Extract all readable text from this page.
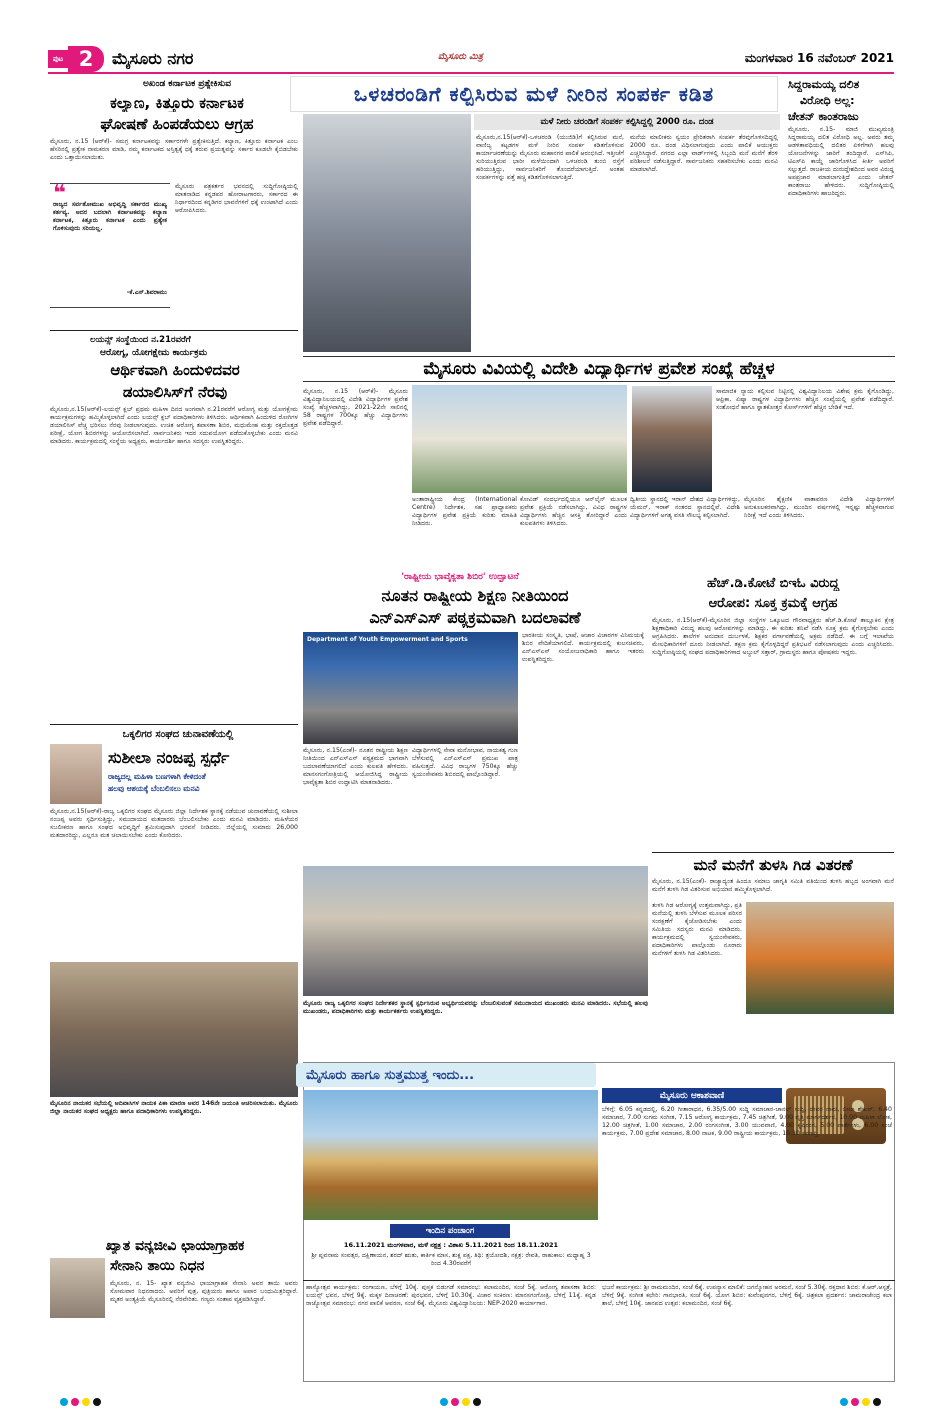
ಪುಟ 2	ಮೈಸೂರು ನಗರ	ಮೈಸೂರು ಮಿತ್ರ	ಮಂಗಳವಾರ 16 ನವೆಂಬರ್ 2021
ಅಖಂಡ ಕರ್ನಾಟಕ ಪ್ರತ್ಯೇಕಿಸುವ
ಕಲ್ಯಾಣ, ಕಿತ್ತೂರು ಕರ್ನಾಟಕ
ಘೋಷಣೆ ಹಿಂಪಡೆಯಲು ಆಗ್ರಹ
ಮೈಸೂರು, ನ.15 (ಆರ್‌ಕೆ)- ಸಮಗ್ರ ಕರ್ನಾಟಕವನ್ನು ಸರ್ಕಾರಗಳೇ ಪ್ರತ್ಯೇಕಿಸುತ್ತಿದೆ. ಕಲ್ಯಾಣ, ಕಿತ್ತೂರು ಕರ್ನಾಟಕ ಎಂಬ ಹೆಸರಿನಲ್ಲಿ ಪ್ರತ್ಯೇಕ ನಾಮಕರಣ ಮಾಡಿ, ನಮ್ಮ ಕರ್ನಾಟಕದ ಅಸ್ತಿತ್ವಕ್ಕೆ ಧಕ್ಕೆ ತರುವ ಪ್ರಯತ್ನವನ್ನು ಸರ್ಕಾರ ಕೂಡಲೇ ಕೈಬಿಡಬೇಕು ಎಂದು ಒತ್ತಾಯಿಸಲಾಯಿತು.
❝
ರಾಜ್ಯದ ಸರ್ವತೋಮುಖ ಅಭಿವೃದ್ಧಿ ಸರ್ಕಾರದ ಮುಖ್ಯ ಕರ್ತವ್ಯ. ಅದರ ಬದಲಾಗಿ ಕರ್ನಾಟಕವನ್ನು ಕಲ್ಯಾಣ ಕರ್ನಾಟಕ, ಕಿತ್ತೂರು ಕರ್ನಾಟಕ ಎಂದು ಪ್ರತ್ಯೇಕ ಗೊಳಿಸುವುದು ಸರಿಯಲ್ಲ.
-ಕೆ.ಎಸ್.ಶಿವರಾಮು
ಮೈಸೂರು ಪತ್ರಕರ್ತರ ಭವನದಲ್ಲಿ ಸುದ್ದಿಗೋಷ್ಠಿಯಲ್ಲಿ ಮಾತನಾಡಿದ ಕನ್ನಡಪರ ಹೋರಾಟಗಾರರು, ಸರ್ಕಾರದ ಈ ನಿರ್ಧಾರದಿಂದ ಕನ್ನಡಿಗರ ಭಾವನೆಗಳಿಗೆ ಧಕ್ಕೆ ಉಂಟಾಗಿದೆ ಎಂದು ಆರೋಪಿಸಿದರು.
ಲಯನ್ಸ್ ಸಂಸ್ಥೆಯಿಂದ ನ.21ರವರೆಗೆ
ಆರೋಗ್ಯ, ಯೋಗಕ್ಷೇಮ ಕಾರ್ಯಕ್ರಮ
ಆರ್ಥಿಕವಾಗಿ ಹಿಂದುಳಿದವರ
ಡಯಾಲಿಸಿಸ್‌ಗೆ ನೆರವು
ಮೈಸೂರು,ನ.15(ಆರ್‌ಕೆ)-ಲಯನ್ಸ್ ಕ್ಲಬ್ ಪ್ರಥಮ ಮಹಿಳಾ ದಿನದ ಅಂಗವಾಗಿ ನ.21ರವರೆಗೆ ಆರೋಗ್ಯ ಮತ್ತು ಯೋಗಕ್ಷೇಮ ಕಾರ್ಯಕ್ರಮಗಳನ್ನು ಹಮ್ಮಿಕೊಳ್ಳಲಾಗಿದೆ ಎಂದು ಲಯನ್ಸ್ ಕ್ಲಬ್ ಪದಾಧಿಕಾರಿಗಳು ತಿಳಿಸಿದರು. ಆರ್ಥಿಕವಾಗಿ ಹಿಂದುಳಿದ ರೋಗಿಗಳ ಡಯಾಲಿಸಿಸ್ ವೆಚ್ಚ ಭರಿಸಲು ನೆರವು ನೀಡಲಾಗುವುದು. ಉಚಿತ ಆರೋಗ್ಯ ತಪಾಸಣಾ ಶಿಬಿರ, ಮಧುಮೇಹ ಮತ್ತು ರಕ್ತದೊತ್ತಡ ಪರೀಕ್ಷೆ, ಯೋಗ ಶಿಬಿರಗಳನ್ನು ಆಯೋಜಿಸಲಾಗಿದೆ. ಸಾರ್ವಜನಿಕರು ಇದರ ಸದುಪಯೋಗ ಪಡೆದುಕೊಳ್ಳಬೇಕು ಎಂದು ಮನವಿ ಮಾಡಿದರು. ಕಾರ್ಯಕ್ರಮದಲ್ಲಿ ಸಂಸ್ಥೆಯ ಅಧ್ಯಕ್ಷರು, ಕಾರ್ಯದರ್ಶಿ ಹಾಗೂ ಸದಸ್ಯರು ಉಪಸ್ಥಿತರಿದ್ದರು.
ಒಕ್ಕಲಿಗರ ಸಂಘದ ಚುನಾವಣೆಯಲ್ಲಿ
ಸುಶೀಲಾ ನಂಜಪ್ಪ ಸ್ಪರ್ಧೆ
ರಾಜ್ಯದಲ್ಲ ಮಹಿಳಾ ಬಣಗಳಾಗಿ ಕೇಳಿದಂತೆ
ಹಲವು ಆಶಯಕ್ಕೆ ಬೆಂಬಲಿಸಲು ಮನವಿ
ಮೈಸೂರು,ನ.15(ಆರ್‌ಕೆ)-ರಾಜ್ಯ ಒಕ್ಕಲಿಗರ ಸಂಘದ ಮೈಸೂರು ಜಿಲ್ಲಾ ನಿರ್ದೇಶಕ ಸ್ಥಾನಕ್ಕೆ ನಡೆಯುವ ಚುನಾವಣೆಯಲ್ಲಿ ಸುಶೀಲಾ ನಂಜಪ್ಪ ಅವರು ಸ್ಪರ್ಧಿಸುತ್ತಿದ್ದು, ಸಮುದಾಯದ ಮತದಾರರು ಬೆಂಬಲಿಸಬೇಕು ಎಂದು ಮನವಿ ಮಾಡಿದರು. ಮಹಿಳೆಯರ ಸಬಲೀಕರಣ ಹಾಗೂ ಸಂಘದ ಅಭಿವೃದ್ಧಿಗೆ ಶ್ರಮಿಸುವುದಾಗಿ ಭರವಸೆ ನೀಡಿದರು. ಜಿಲ್ಲೆಯಲ್ಲಿ ಸುಮಾರು 26,000 ಮತದಾರರಿದ್ದು, ಎಲ್ಲರೂ ಮತ ಚಲಾಯಿಸಬೇಕು ಎಂದು ಕೋರಿದರು.
ಮೈಸೂರಿನ ನಾಯಕರ ಸಭೆಯಲ್ಲಿ ಆದಿವಾಸಿಗಳ ನಾಯಕ ಪಿಕಾ ಮಾರಣ ಅವರ 146ನೇ ಜಯಂತಿ ಆಚರಿಸಲಾಯಿತು. ಮೈಸೂರು ಜಿಲ್ಲಾ ನಾಯಕರ ಸಂಘದ ಅಧ್ಯಕ್ಷರು ಹಾಗೂ ಪದಾಧಿಕಾರಿಗಳು ಉಪಸ್ಥಿತರಿದ್ದರು.
ಖ್ಯಾತ ವನ್ಯಜೀವಿ ಛಾಯಾಗ್ರಾಹಕ
ಸೇನಾನಿ ತಾಯಿ ನಿಧನ
ಮೈಸೂರು, ನ. 15- ಖ್ಯಾತ ವನ್ಯಜೀವಿ ಛಾಯಾಗ್ರಾಹಕ ಸೇನಾನಿ ಅವರ ತಾಯಿ ಅವರು ಸೋಮವಾರ ನಿಧನರಾದರು. ಅವರಿಗೆ ಪುತ್ರ, ಪುತ್ರಿಯರು ಹಾಗೂ ಅಪಾರ ಬಂಧುಮಿತ್ರರಿದ್ದಾರೆ. ಮೃತರ ಅಂತ್ಯಕ್ರಿಯೆ ಮೈಸೂರಿನಲ್ಲಿ ನೆರವೇರಿತು. ಗಣ್ಯರು ಸಂತಾಪ ವ್ಯಕ್ತಪಡಿಸಿದ್ದಾರೆ.
ಒಳಚರಂಡಿಗೆ ಕಲ್ಪಿಸಿರುವ ಮಳೆ ನೀರಿನ ಸಂಪರ್ಕ ಕಡಿತ
ಮಳೆ ನೀರು ಚರಂಡಿಗೆ ಸಂಪರ್ಕ ಕಲ್ಪಿಸಿದ್ದಲ್ಲಿ 2000 ರೂ. ದಂಡ
ಮೈಸೂರು,ನ.15(ಆರ್‌ಕೆ)-ಒಳಚರಂಡಿ (ಯುಜಿಡಿ)ಗೆ ಕಲ್ಪಿಸಿರುವ ಮನೆ, ವಾಣಿಜ್ಯ ಕಟ್ಟಡಗಳ ಮಳೆ ನೀರಿನ ಸಂಪರ್ಕ ಕಡಿತಗೊಳಿಸುವ ಕಾರ್ಯಾಚರಣೆಯನ್ನು ಮೈಸೂರು ಮಹಾನಗರ ಪಾಲಿಕೆ ಆರಂಭಿಸಿದೆ. ಇತ್ತೀಚೆಗೆ ಸುರಿಯುತ್ತಿರುವ ಭಾರೀ ಮಳೆಯಿಂದಾಗಿ ಒಳಚರಂಡಿ ತುಂಬಿ ರಸ್ತೆಗೆ ಹರಿಯುತ್ತಿದ್ದು, ಸಾರ್ವಜನಿಕರಿಗೆ ತೊಂದರೆಯಾಗುತ್ತಿದೆ. ಅಂತಹ ಸಂಪರ್ಕಗಳನ್ನು ಪತ್ತೆ ಹಚ್ಚಿ ಕಡಿತಗೊಳಿಸಲಾಗುತ್ತಿದೆ.
ಮನೆಯ ಮಾಲೀಕರು ಸ್ವಯಂ ಪ್ರೇರಿತರಾಗಿ ಸಂಪರ್ಕ ತೆರವುಗೊಳಿಸದಿದ್ದಲ್ಲಿ 2000 ರೂ. ದಂಡ ವಿಧಿಸಲಾಗುವುದು ಎಂದು ಪಾಲಿಕೆ ಆಯುಕ್ತರು ಎಚ್ಚರಿಸಿದ್ದಾರೆ. ನಗರದ ಎಲ್ಲಾ ವಾರ್ಡ್‌ಗಳಲ್ಲಿ ಸಿಬ್ಬಂದಿ ಮನೆ ಮನೆಗೆ ತೆರಳಿ ಪರಿಶೀಲನೆ ನಡೆಸುತ್ತಿದ್ದಾರೆ. ಸಾರ್ವಜನಿಕರು ಸಹಕರಿಸಬೇಕು ಎಂದು ಮನವಿ ಮಾಡಲಾಗಿದೆ.
ಸಿದ್ದರಾಮಯ್ಯ ದಲಿತ
ವಿರೋಧಿ ಅಲ್ಲ:
ಚೇತನ್ ಕಾಂತರಾಜು
ಮೈಸೂರು, ನ.15- ಮಾಜಿ ಮುಖ್ಯಮಂತ್ರಿ ಸಿದ್ದರಾಮಯ್ಯ ದಲಿತ ವಿರೋಧಿ ಅಲ್ಲ. ಅವರು ತಮ್ಮ ಆಡಳಿತಾವಧಿಯಲ್ಲಿ ದಲಿತರ ಏಳಿಗೆಗಾಗಿ ಹಲವು ಯೋಜನೆಗಳನ್ನು ಜಾರಿಗೆ ತಂದಿದ್ದಾರೆ. ಎಸ್‌ಸಿಪಿ, ಟಿಎಸ್‌ಪಿ ಕಾಯ್ದೆ ಜಾರಿಗೊಳಿಸಿದ ಕೀರ್ತಿ ಅವರಿಗೆ ಸಲ್ಲುತ್ತದೆ. ರಾಜಕೀಯ ದುರುದ್ದೇಶದಿಂದ ಅವರ ವಿರುದ್ಧ ಅಪಪ್ರಚಾರ ಮಾಡಲಾಗುತ್ತಿದೆ ಎಂದು ಚೇತನ್ ಕಾಂತರಾಜು ಹೇಳಿದರು. ಸುದ್ದಿಗೋಷ್ಠಿಯಲ್ಲಿ ಪದಾಧಿಕಾರಿಗಳು ಹಾಜರಿದ್ದರು.
ಮೈಸೂರು ವಿವಿಯಲ್ಲಿ ವಿದೇಶಿ ವಿದ್ಯಾರ್ಥಿಗಳ ಪ್ರವೇಶ ಸಂಖ್ಯೆ ಹೆಚ್ಚಳ
ಮೈಸೂರು, ನ.15 (ಆರ್‌ಕೆ)- ಮೈಸೂರು ವಿಶ್ವವಿದ್ಯಾನಿಲಯದಲ್ಲಿ ವಿದೇಶಿ ವಿದ್ಯಾರ್ಥಿಗಳ ಪ್ರವೇಶ ಸಂಖ್ಯೆ ಹೆಚ್ಚಳವಾಗಿದ್ದು, 2021-22ನೇ ಸಾಲಿನಲ್ಲಿ 58 ರಾಷ್ಟ್ರಗಳ 700ಕ್ಕೂ ಹೆಚ್ಚು ವಿದ್ಯಾರ್ಥಿಗಳು ಪ್ರವೇಶ ಪಡೆದಿದ್ದಾರೆ.
ಅಂತಾರಾಷ್ಟ್ರೀಯ ಕೇಂದ್ರ (International Centre) ನಿರ್ದೇಶಕ, ಸಹ ಪ್ರಾಧ್ಯಾಪಕರು ವಿದ್ಯಾರ್ಥಿಗಳ ಪ್ರವೇಶ ಪ್ರಕ್ರಿಯೆ ಕುರಿತು ಮಾಹಿತಿ ನೀಡಿದರು.
ಕೋವಿಡ್ ಸಂದರ್ಭದಲ್ಲಿಯೂ ಆನ್‌ಲೈನ್ ಮೂಲಕ ಪ್ರವೇಶ ಪ್ರಕ್ರಿಯೆ ನಡೆಸಲಾಗಿದ್ದು, ವಿವಿಧ ರಾಷ್ಟ್ರಗಳ ವಿದ್ಯಾರ್ಥಿಗಳು ಹೆಚ್ಚಿನ ಆಸಕ್ತಿ ತೋರಿದ್ದಾರೆ ಎಂದು ಕುಲಪತಿಗಳು ತಿಳಿಸಿದರು.
ದ್ವಿತೀಯ ಸ್ಥಾನದಲ್ಲಿ ಇರಾನ್ ದೇಶದ ವಿದ್ಯಾರ್ಥಿಗಳಿದ್ದು, ಯೆಮನ್, ಇರಾಕ್ ನಂತರದ ಸ್ಥಾನದಲ್ಲಿವೆ. ವಿದೇಶಿ ವಿದ್ಯಾರ್ಥಿಗಳಿಗೆ ಅಗತ್ಯ ವಸತಿ ಸೌಲಭ್ಯ ಕಲ್ಪಿಸಲಾಗಿದೆ.
ಸಾಮಾಜಿಕ ನ್ಯಾಯ ಕಲ್ಪಿಸುವ ನಿಟ್ಟಿನಲ್ಲಿ ವಿಶ್ವವಿದ್ಯಾನಿಲಯ ವಿಶೇಷ ಕ್ರಮ ಕೈಗೊಂಡಿದ್ದು, ಆಫ್ರಿಕಾ, ಏಷ್ಯಾ ರಾಷ್ಟ್ರಗಳ ವಿದ್ಯಾರ್ಥಿಗಳು ಹೆಚ್ಚಿನ ಸಂಖ್ಯೆಯಲ್ಲಿ ಪ್ರವೇಶ ಪಡೆದಿದ್ದಾರೆ. ಸಂಶೋಧನೆ ಹಾಗೂ ಸ್ನಾತಕೋತ್ತರ ಕೋರ್ಸ್‌ಗಳಿಗೆ ಹೆಚ್ಚಿನ ಬೇಡಿಕೆ ಇದೆ.
ಮೈಸೂರಿನ ಶೈಕ್ಷಣಿಕ ವಾತಾವರಣ ವಿದೇಶಿ ವಿದ್ಯಾರ್ಥಿಗಳಿಗೆ ಅನುಕೂಲಕರವಾಗಿದ್ದು, ಮುಂದಿನ ವರ್ಷಗಳಲ್ಲಿ ಇನ್ನಷ್ಟು ಹೆಚ್ಚಳವಾಗುವ ನಿರೀಕ್ಷೆ ಇದೆ ಎಂದು ತಿಳಿಸಿದರು.
'ರಾಷ್ಟ್ರೀಯ ಭಾವೈಕ್ಯತಾ ಶಿಬಿರ' ಉದ್ಘಾಟನೆ
ನೂತನ ರಾಷ್ಟ್ರೀಯ ಶಿಕ್ಷಣ ನೀತಿಯಿಂದ
ಎನ್‌ಎಸ್‌ಎಸ್ ಪಠ್ಯಕ್ರಮವಾಗಿ ಬದಲಾವಣೆ
Department of Youth Empowerment and Sports
ಮೈಸೂರು, ನ.15(ಎಂಕೆ)- ನೂತನ ರಾಷ್ಟ್ರೀಯ ಶಿಕ್ಷಣ ನೀತಿಯಿಂದ ಎನ್‌ಎಸ್‌ಎಸ್ ಪಠ್ಯಕ್ರಮದ ಭಾಗವಾಗಿ ಬದಲಾವಣೆಯಾಗಲಿದೆ ಎಂದು ಕುಲಪತಿ ಹೇಳಿದರು. ಮಾನಸಗಂಗೋತ್ರಿಯಲ್ಲಿ ಆಯೋಜಿಸಿದ್ದ ರಾಷ್ಟ್ರೀಯ ಭಾವೈಕ್ಯತಾ ಶಿಬಿರ ಉದ್ಘಾಟಿಸಿ ಮಾತನಾಡಿದರು.
ವಿದ್ಯಾರ್ಥಿಗಳಲ್ಲಿ ಸೇವಾ ಮನೋಭಾವ, ನಾಯಕತ್ವ ಗುಣ ಬೆಳೆಸುವಲ್ಲಿ ಎನ್‌ಎಸ್‌ಎಸ್ ಪ್ರಮುಖ ಪಾತ್ರ ವಹಿಸುತ್ತದೆ. ವಿವಿಧ ರಾಜ್ಯಗಳ 750ಕ್ಕೂ ಹೆಚ್ಚು ಸ್ವಯಂಸೇವಕರು ಶಿಬಿರದಲ್ಲಿ ಪಾಲ್ಗೊಂಡಿದ್ದಾರೆ.
ಭಾರತೀಯ ಸಂಸ್ಕೃತಿ, ಭಾಷೆ, ಆಚಾರ ವಿಚಾರಗಳ ವಿನಿಮಯಕ್ಕೆ ಶಿಬಿರ ವೇದಿಕೆಯಾಗಲಿದೆ. ಕಾರ್ಯಕ್ರಮದಲ್ಲಿ ಕುಲಸಚಿವರು, ಎನ್‌ಎಸ್‌ಎಸ್ ಸಂಯೋಜನಾಧಿಕಾರಿ ಹಾಗೂ ಇತರರು ಉಪಸ್ಥಿತರಿದ್ದರು.
ಹೆಚ್.ಡಿ.ಕೋಟೆ ಬಿಇಓ ವಿರುದ್ಧ
ಆರೋಪ: ಸೂಕ್ತ ಕ್ರಮಕ್ಕೆ ಆಗ್ರಹ
ಮೈಸೂರು, ನ.15(ಆರ್‌ಕೆ)-ಮೈಸೂರಿನ ಜಿಲ್ಲಾ ಸಂಸ್ಥೆಗಳ ಒಕ್ಕೂಟದ ಗೌರವಾಧ್ಯಕ್ಷರು ಹೆಚ್.ಡಿ.ಕೋಟೆ ತಾಲ್ಲೂಕಿನ ಕ್ಷೇತ್ರ ಶಿಕ್ಷಣಾಧಿಕಾರಿ ವಿರುದ್ಧ ಹಲವು ಆರೋಪಗಳನ್ನು ಮಾಡಿದ್ದು, ಈ ಕುರಿತು ತನಿಖೆ ನಡೆಸಿ ಸೂಕ್ತ ಕ್ರಮ ಕೈಗೊಳ್ಳಬೇಕು ಎಂದು ಆಗ್ರಹಿಸಿದರು. ಶಾಲೆಗಳ ಅನುದಾನ ದುರ್ಬಳಕೆ, ಶಿಕ್ಷಕರ ವರ್ಗಾವಣೆಯಲ್ಲಿ ಅಕ್ರಮ ನಡೆದಿದೆ. ಈ ಬಗ್ಗೆ ಇಲಾಖೆಯ ಮೇಲಧಿಕಾರಿಗಳಿಗೆ ದೂರು ನೀಡಲಾಗಿದೆ. ತಕ್ಷಣ ಕ್ರಮ ಕೈಗೊಳ್ಳದಿದ್ದರೆ ಪ್ರತಿಭಟನೆ ನಡೆಸಲಾಗುವುದು ಎಂದು ಎಚ್ಚರಿಸಿದರು. ಸುದ್ದಿಗೋಷ್ಠಿಯಲ್ಲಿ ಸಂಘದ ಪದಾಧಿಕಾರಿಗಳಾದ ಅಬ್ದುಲ್ ಸತ್ತಾರ್, ಗ್ರಾಮಸ್ಥರು ಹಾಗೂ ಪೋಷಕರು ಇದ್ದರು.
ಮನೆ ಮನೆಗೆ ತುಳಸಿ ಗಿಡ ವಿತರಣೆ
ಮೈಸೂರು, ನ.15(ಎಂಕೆ)- ರಾಜ್ಯಾದ್ಯಂತ ಹಿಂದೂ ಸಮಾಜ ಜಾಗೃತಿ ಸಮಿತಿ ವತಿಯಿಂದ ತುಳಸಿ ಹಬ್ಬದ ಅಂಗವಾಗಿ ಮನೆ ಮನೆಗೆ ತುಳಸಿ ಗಿಡ ವಿತರಿಸುವ ಅಭಿಯಾನ ಹಮ್ಮಿಕೊಳ್ಳಲಾಗಿದೆ.
ತುಳಸಿ ಗಿಡ ಆರೋಗ್ಯಕ್ಕೆ ಉತ್ತಮವಾಗಿದ್ದು, ಪ್ರತಿ ಮನೆಯಲ್ಲಿ ತುಳಸಿ ಬೆಳೆಸುವ ಮೂಲಕ ಪರಿಸರ ಸಂರಕ್ಷಣೆಗೆ ಕೈಜೋಡಿಸಬೇಕು ಎಂದು ಸಮಿತಿಯ ಸದಸ್ಯರು ಮನವಿ ಮಾಡಿದರು. ಕಾರ್ಯಕ್ರಮದಲ್ಲಿ ಸ್ವಯಂಸೇವಕರು, ಪದಾಧಿಕಾರಿಗಳು ಪಾಲ್ಗೊಂಡು ನೂರಾರು ಮನೆಗಳಿಗೆ ತುಳಸಿ ಗಿಡ ವಿತರಿಸಿದರು.
ಮೈಸೂರು ರಾಜ್ಯ ಒಕ್ಕಲಿಗರ ಸಂಘದ ನಿರ್ದೇಶಕರ ಸ್ಥಾನಕ್ಕೆ ಸ್ಪರ್ಧಿಸಿರುವ ಅಭ್ಯರ್ಥಿಯವರನ್ನು ಬೆಂಬಲಿಸುವಂತೆ ಸಮುದಾಯದ ಮುಖಂಡರು ಮನವಿ ಮಾಡಿದರು. ಸಭೆಯಲ್ಲಿ ಹಲವು ಮುಖಂಡರು, ಪದಾಧಿಕಾರಿಗಳು ಮತ್ತು ಕಾರ್ಯಕರ್ತರು ಉಪಸ್ಥಿತರಿದ್ದರು.
ಮೈಸೂರು ಹಾಗೂ ಸುತ್ತಮುತ್ತ ಇಂದು...
ಮೈಸೂರು ಆಕಾಶವಾಣಿ
ಬೆಳಿಗ್ಗೆ: 6.05 ಕನ್ನಡದಲ್ಲಿ, 6.20 ಗೀತಾರಾಧನ, 6.35/5.00 ಸುದ್ದಿ ಸಮಾಚಾರ-ಚಾನಲ್ ಸುದ್ದಿ, ದೇವರ ನಾಮ, ಲೀಲಾ ಶೇಖರ್; 6.40 ಸಮಾಚಾರ, 7.00 ಸುಗಮ ಸಂಗೀತ, 7.15 ಆರೋಗ್ಯ ಕಾರ್ಯಕ್ರಮ, 7.45 ಚಿತ್ರಗೀತೆ, 9.00 ವೃತ್ತಿ ಮಾರ್ಗದರ್ಶನ, 10.00 ಮಹಿಳಾ ಲೋಕ, 12.00 ಚಿತ್ರಗೀತೆ, 1.00 ಸಮಾಚಾರ, 2.00 ರಂಗಸಂಗೀತ, 3.00 ಯುವವಾಣಿ, 4.00 ಕೃಷಿರಂಗ, 5.00 ವಾರ್ತೆಗಳು, 6.00 ಸಂಜೆ ಕಾರ್ಯಕ್ರಮ, 7.00 ಪ್ರದೇಶ ಸಮಾಚಾರ, 8.00 ನಾಟಕ, 9.00 ರಾಷ್ಟ್ರೀಯ ಕಾರ್ಯಕ್ರಮ, 10.30 ಸಮಾಪ್ತಿ.
ಇಂದಿನ ಪಂಚಾಂಗ
16.11.2021 ಮಂಗಳವಾರ, ಮಳೆ ನಕ್ಷತ್ರ : ವಿಶಾಖ 5.11.2021 ರಿಂದ 18.11.2021
ಶ್ರೀ ಪ್ಲವನಾಮ ಸಂವತ್ಸರ, ದಕ್ಷಿಣಾಯನ, ಶರದ್ ಋತು, ಕಾರ್ತಿಕ ಮಾಸ, ಶುಕ್ಲ ಪಕ್ಷ, ತಿಥಿ: ತ್ರಯೋದಶಿ, ನಕ್ಷತ್ರ: ರೇವತಿ, ರಾಹುಕಾಲ: ಮಧ್ಯಾಹ್ನ 3 ರಿಂದ 4.30ರವರೆಗೆ
ಹಾಸ್ಯೋತ್ಸವ ಕಾರ್ಯಕ್ರಮ: ರಂಗಾಯಣ, ಬೆಳಿಗ್ಗೆ 10ಕ್ಕೆ. ಪುಸ್ತಕ ಬಿಡುಗಡೆ ಸಮಾರಂಭ: ಕಲಾಮಂದಿರ, ಸಂಜೆ 5ಕ್ಕೆ. ಆರೋಗ್ಯ ತಪಾಸಣಾ ಶಿಬಿರ: ಲಯನ್ಸ್ ಭವನ, ಬೆಳಿಗ್ಗೆ 9ಕ್ಕೆ. ಮಕ್ಕಳ ದಿನಾಚರಣೆ: ಪುರಭವನ, ಬೆಳಿಗ್ಗೆ 10.30ಕ್ಕೆ. ವಿಚಾರ ಸಂಕಿರಣ: ಮಾನಸಗಂಗೋತ್ರಿ, ಬೆಳಿಗ್ಗೆ 11ಕ್ಕೆ. ಕನ್ನಡ ರಾಜ್ಯೋತ್ಸವ ಸಮಾರಂಭ: ನಗರ ಪಾಲಿಕೆ ಆವರಣ, ಸಂಜೆ 6ಕ್ಕೆ. ಮೈಸೂರು ವಿಶ್ವವಿದ್ಯಾನಿಲಯ: NEP-2020 ಕಾರ್ಯಾಗಾರ.
ಭಜನೆ ಕಾರ್ಯಕ್ರಮ: ಶ್ರೀ ರಾಮಮಂದಿರ, ಸಂಜೆ 6ಕ್ಕೆ. ಉಪನ್ಯಾಸ ಮಾಲಿಕೆ: ಜಗನ್ಮೋಹನ ಅರಮನೆ, ಸಂಜೆ 5.30ಕ್ಕೆ. ರಕ್ತದಾನ ಶಿಬಿರ: ಕೆ.ಆರ್.ಆಸ್ಪತ್ರೆ, ಬೆಳಿಗ್ಗೆ 9ಕ್ಕೆ. ಸಂಗೀತ ಕಛೇರಿ: ಗಾನಭಾರತಿ, ಸಂಜೆ 6ಕ್ಕೆ. ಯೋಗ ಶಿಬಿರ: ಕುವೆಂಪುನಗರ, ಬೆಳಿಗ್ಗೆ 6ಕ್ಕೆ. ಚಿತ್ರಕಲಾ ಪ್ರದರ್ಶನ: ಚಾಮರಾಜೇಂದ್ರ ಕಲಾ ಶಾಲೆ, ಬೆಳಿಗ್ಗೆ 10ಕ್ಕೆ. ಜಾನಪದ ಉತ್ಸವ: ಕಲಾಮಂದಿರ, ಸಂಜೆ 6ಕ್ಕೆ.
